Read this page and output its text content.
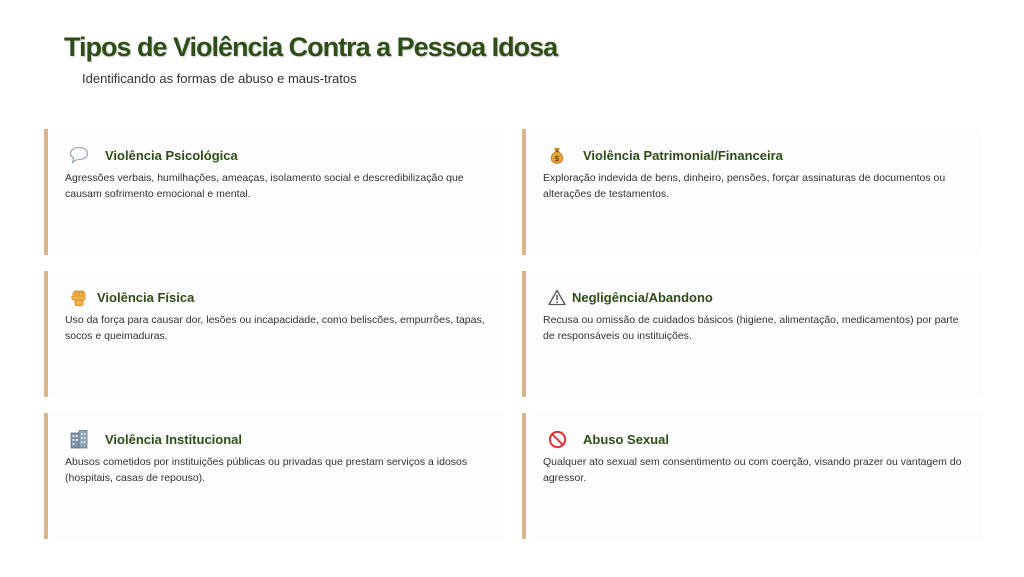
Tipos de Violência Contra a Pessoa Idosa

Identificando as formas de abuso e maus-tratos

Violência Psicológica
Agressões verbais, humilhações, ameaças, isolamento social e descredibilização que causam sofrimento emocional e mental.
$ Violência Patrimonial/Financeira
Exploração indevida de bens, dinheiro, pensões, forçar assinaturas de documentos ou alterações de testamentos.
Violência Física
Uso da força para causar dor, lesões ou incapacidade, como beliscões, empurrões, tapas, socos e queimaduras.
Negligência/Abandono
Recusa ou omissão de cuidados básicos (higiene, alimentação, medicamentos) por parte de responsáveis ou instituições.
Violência Institucional
Abusos cometidos por instituições públicas ou privadas que prestam serviços a idosos (hospitais, casas de repouso).
Abuso Sexual
Qualquer ato sexual sem consentimento ou com coerção, visando prazer ou vantagem do agressor.
